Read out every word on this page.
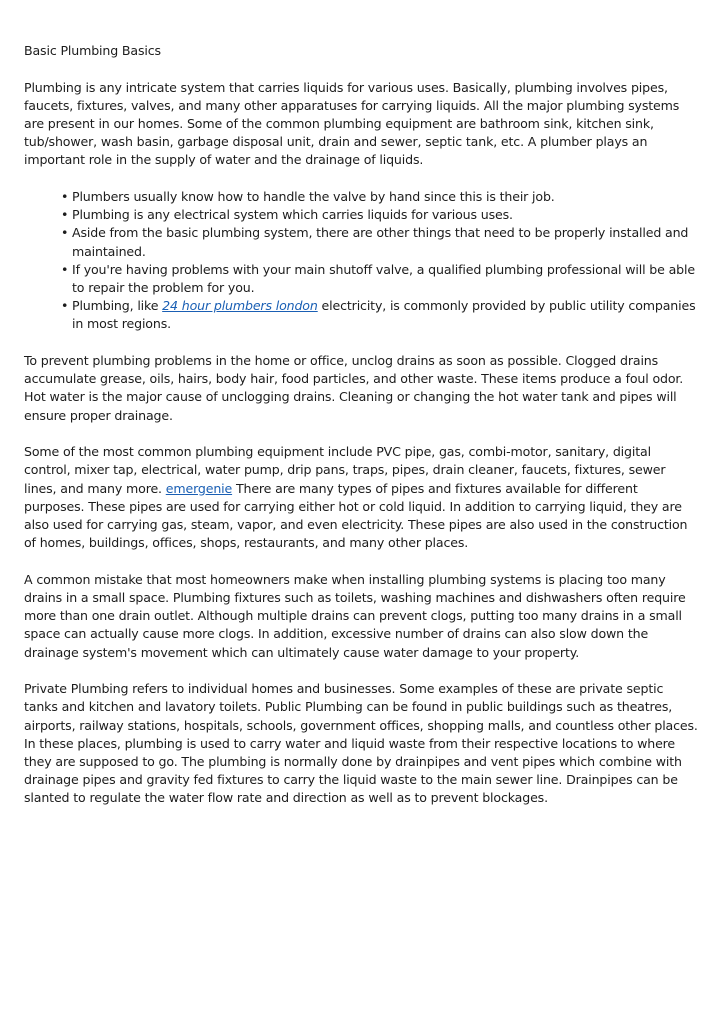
Basic Plumbing Basics

Plumbing is any intricate system that carries liquids for various uses. Basically, plumbing involves pipes, faucets, fixtures, valves, and many other apparatuses for carrying liquids. All the major plumbing systems are present in our homes. Some of the common plumbing equipment are bathroom sink, kitchen sink, tub/shower, wash basin, garbage disposal unit, drain and sewer, septic tank, etc. A plumber plays an important role in the supply of water and the drainage of liquids.

• Plumbers usually know how to handle the valve by hand since this is their job.
• Plumbing is any electrical system which carries liquids for various uses.
• Aside from the basic plumbing system, there are other things that need to be properly installed and maintained.
• If you're having problems with your main shutoff valve, a qualified plumbing professional will be able to repair the problem for you.
• Plumbing, like 24 hour plumbers london electricity, is commonly provided by public utility companies in most regions.

To prevent plumbing problems in the home or office, unclog drains as soon as possible. Clogged drains accumulate grease, oils, hairs, body hair, food particles, and other waste. These items produce a foul odor. Hot water is the major cause of unclogging drains. Cleaning or changing the hot water tank and pipes will ensure proper drainage.

Some of the most common plumbing equipment include PVC pipe, gas, combi-motor, sanitary, digital control, mixer tap, electrical, water pump, drip pans, traps, pipes, drain cleaner, faucets, fixtures, sewer lines, and many more. emergenie There are many types of pipes and fixtures available for different purposes. These pipes are used for carrying either hot or cold liquid. In addition to carrying liquid, they are also used for carrying gas, steam, vapor, and even electricity. These pipes are also used in the construction of homes, buildings, offices, shops, restaurants, and many other places.

A common mistake that most homeowners make when installing plumbing systems is placing too many drains in a small space. Plumbing fixtures such as toilets, washing machines and dishwashers often require more than one drain outlet. Although multiple drains can prevent clogs, putting too many drains in a small space can actually cause more clogs. In addition, excessive number of drains can also slow down the drainage system's movement which can ultimately cause water damage to your property.

Private Plumbing refers to individual homes and businesses. Some examples of these are private septic tanks and kitchen and lavatory toilets. Public Plumbing can be found in public buildings such as theatres, airports, railway stations, hospitals, schools, government offices, shopping malls, and countless other places. In these places, plumbing is used to carry water and liquid waste from their respective locations to where they are supposed to go. The plumbing is normally done by drainpipes and vent pipes which combine with drainage pipes and gravity fed fixtures to carry the liquid waste to the main sewer line. Drainpipes can be slanted to regulate the water flow rate and direction as well as to prevent blockages.
